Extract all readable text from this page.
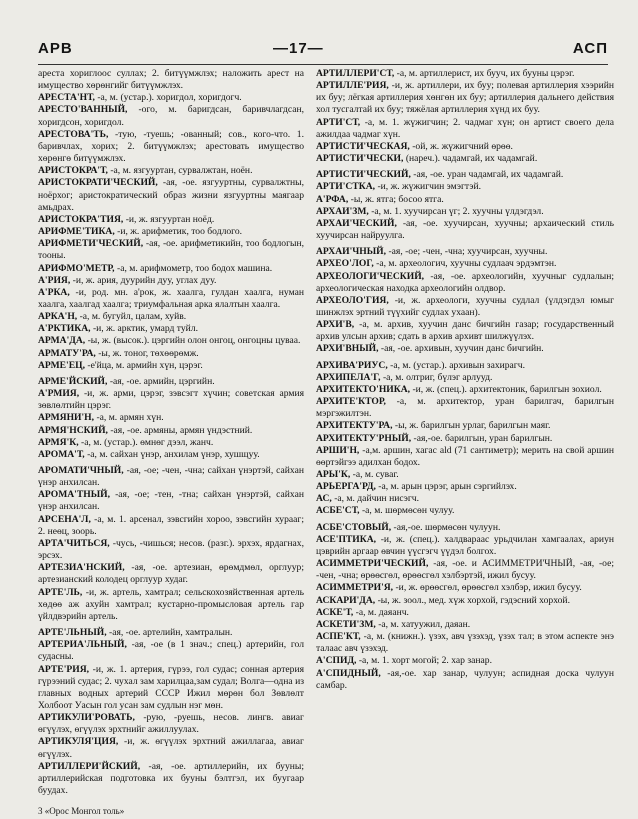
АРВ	—17—	АСП

ареста хориглоос суллах; 2. битүүмжлэх; наложить арест на имущество хөрөнгийг битүүмжлэх.

АРЕСТА'НТ, -а, м. (устар.). хоригдол, хоригдогч.

АРЕСТО'ВАННЫЙ, -ого, м. баригдсан, баривчлагдсан, хоригдсон, хоригдол.

АРЕСТОВА'ТЬ, -тую, -туешь; -ованный; сов., кого-что. 1. баривчлах, хорих; 2. битүүмжлэх; арестовать имущество хөрөнгө битүүмжлэх.

АРИСТОКРА'Т, -а, м. язгууртан, сурвалжтан, ноён.

АРИСТОКРАТИ'ЧЕСКИЙ, -ая, -ое. язгууртны, сурвалжтны, ноёрхог; аристократический образ жизни язгууртны маягаар амьдрах.

АРИСТОКРА'ТИЯ, -и, ж. язгууртан ноёд.

АРИФМЕ'ТИКА, -и, ж. арифметик, тоо бодлого.

АРИФМЕТИ'ЧЕСКИЙ, -ая, -ое. арифметикийн, тоо бодлогын, тооны.

АРИФМО'МЕТР, -а, м. арифмометр, тоо бодох машина.

А'РИЯ, -и, ж. ария, дуурийн дуу, углах дуу.

А'РКА, -и, род. мн. а'рок, ж. хаалга, гулдан хаалга, нуман хаалга, хаалгад хаалга; триумфальная арка ялалтын хаалга.

АРКА'Н, -а, м. бугуйл, цалам, хуйв.

А'РКТИКА, -и, ж. арктик, умард туйл.

АРМА'ДА, -ы, ж. (высок.). цэргийн олон онгоц, онгоцны цуваа.

АРМАТУ'РА, -ы, ж. тоног, төхөөрөмж.

АРМЕ'ЕЦ, -е'йца, м. армийн хүн, цэрэг.

АРМЕ'ЙСКИЙ, -ая, -ое. армийн, цэргийн.

А'РМИЯ, -и, ж. арми, цэрэг, зэвсэгт хүчин; советская армия зөвлөлтийн цэрэг.

АРМЯНИ'Н, -а, м. армян хүн.

АРМЯ'НСКИЙ, -ая, -ое. армяны, армян үндэстний.

АРМЯ'К, -а, м. (устар.). өмнөг дээл, жанч.

АРОМА'Т, -а, м. сайхан үнэр, анхилам үнэр, хушщуу.

АРОМАТИ'ЧНЫЙ, -ая, -ое; -чен, -чна; сайхан үнэртэй, сайхан үнэр анхилсан.

АРОМА'ТНЫЙ, -ая, -ое; -тен, -тна; сайхан үнэртэй, сайхан үнэр анхилсан.

АРСЕНА'Л, -а, м. 1. арсенал, зэвсгийн хороо, зэвсгийн хурааг; 2. неөц, зоорь.

АРТА'ЧИТЬСЯ, -чусь, -чишься; несов. (разг.). эрхэх, ярдагнах, эрсэх.

АРТЕЗИА'НСКИЙ, -ая, -ое. артезиан, өрөмдмөл, орглуур; артезианский колодец орглуур худаг.

АРТЕ'ЛЬ, -и, ж. артель, хамтрал; сельскохозяйственная артель хөдөө аж ахуйн хамтрал; кустарно-промысловая артель гар үйлдвэрийн артель.

АРТЕ'ЛЬНЫЙ, -ая, -ое. артелийн, хамтралын.

АРТЕРИА'ЛЬНЫЙ, -ая, -ое (в 1 знач.; спец.) артерийн, гол судасны.

АРТЕ'РИЯ, -и, ж. 1. артерия, гүрээ, гол судас; сонная артерия гүрээний судас; 2. чухал зам харилцаа,зам судал; Волга—одна из главных водных артерий СССР Ижил мөрөн бол Зөвлөлт Холбоот Уасын гол усан зам судлын нэг мөн.

АРТИКУЛИ'РОВАТЬ, -рую, -руешь, несов. лингв. авиаг өгүүлэх, өгүүлэх эрхтнийг ажиллуулах.

АРТИКУЛЯ'ЦИЯ, -и, ж. өгүүлэх эрхтний ажиллагаа, авиаг өгүүлэх.

АРТИЛЛЕРИ'ЙСКИЙ, -ая, -ое. артиллерийн, их бууны; артиллерийская подготовка их бууны бэлтгэл, их буугаар буудах.

3 «Орос Монгол толь»

АРТИЛЛЕРИ'СТ, -а, м. артиллерист, их бууч, их бууны цэрэг.

АРТИЛЛЕ'РИЯ, -и, ж. артиллери, их буу; полевая артиллерия хээрийн их буу; лёгкая артиллерия хөнгөн их буу; артиллерия дальнего действия хол тусгалтай их буу; тяжёлая артиллерия хүнд их буу.

АРТИ'СТ, -а, м. 1. жүжигчин; 2. чадмаг хүн; он артист своего дела ажилдаа чадмаг хүн.

АРТИСТИ'ЧЕСКАЯ, -ой, ж. жүжигчний өрөө.

АРТИСТИ'ЧЕСКИ, (нареч.). чадамгай, их чадамгай.

АРТИСТИ'ЧЕСКИЙ, -ая, -ое. уран чадамгай, их чадамгай.

АРТИ'СТКА, -и, ж. жүжигчин эмэгтэй.

А'РФА, -ы, ж. ятга; босоо ятга.

АРХАИ'ЗМ, -а, м. 1. хуучирсан үг; 2. хуучны үлдэгдэл.

АРХАИ'ЧЕСКИЙ, -ая, -ое. хуучирсан, хуучны; архаический стиль хуучирсан найруулга.

АРХАИ'ЧНЫЙ, -ая, -ое; -чен, -чна; хуучирсан, хуучны.

АРХЕО'ЛОГ, -а, м. археологич, хуучны судлаач эрдэмтэн.

АРХЕОЛОГИ'ЧЕСКИЙ, -ая, -ое. археологийн, хуучныг судлалын; археологическая находка археологийн олдвор.

АРХЕОЛО'ГИЯ, -и, ж. археологи, хуучны судлал (үлдэгдэл юмыг шинжлэх эртний түүхийг судлах ухаан).

АРХИ'В, -а, м. архив, хуучин данс бичгийн газар; государственный архив улсын архив; сдать в архив архивт шилжүүлэх.

АРХИ'ВНЫЙ, -ая, -ое. архивын, хуучин данс бичгийн.

АРХИВА'РИУС, -а, м. (устар.). архивын захирагч.

АРХИПЕЛА'Г, -а, м. олтриг, бүлэг арлууд.

АРХИТЕКТО'НИКА, -и, ж. (спец.). архитектоник, барилгын зохиол.

АРХИТЕ'КТОР, -а, м. архитектор, уран барилгач, барилгын мэргэжилтэн.

АРХИТЕКТУ'РА, -ы, ж. барилгын урлаг, барилгын маяг.

АРХИТЕКТУ'РНЫЙ, -ая,-ое. барилгын, уран барилгын.

АРШИ'Н, -а,м. аршин, хагас ald (71 сантиметр); мерить на свой аршин өөртэйгээ адилхан бодох.

АРЫ'К, -а, м. суваг.

АРЬЕРГА'РД, -а, м. арын цэрэг, арын сэргийлэх.

АС, -а, м. дайчин нисэгч.

АСБЕ'СТ, -а, м. шөрмөсөн чулуу.

АСБЕ'СТОВЫЙ, -ая,-ое. шөрмөсөн чулуун.

АСЕ'ПТИКА, -и, ж. (спец.). халдвараас урьдчилан хамгаалах, ариун цэврийн аргаар өвчин үүсгэгч үүдэл болгох.

АСИММЕТРИ'ЧЕСКИЙ, -ая, -ое. и АСИММЕТРИ'ЧНЫЙ, -ая, -ое; -чен, -чна; өрөөсгөл, өрөөсгөл хэлбэртэй, ижил бусуу.

АСИММЕТРИ'Я, -и, ж. өрөөсгөл, өрөөсгөл хэлбэр, ижил бусуу.

АСКАРИ'ДА, -ы, ж. зоол., мед. хүж хорхой, гэдэсний хорхой.

АСКЕ'Т, -а, м. даяанч.

АСКЕТИ'ЗМ, -а, м. хатуужил, даяан.

АСПЕ'КТ, -а, м. (книжн.). үзэх, авч үзэхэд, үзэх тал; в этом аспекте энэ талаас авч үзэхэд.

А'СПИД, -а, м. 1. хорт могой; 2. хар занар.

А'СПИДНЫЙ, -ая,-ое. хар занар, чулуун; аспидная доска чулуун самбар.
